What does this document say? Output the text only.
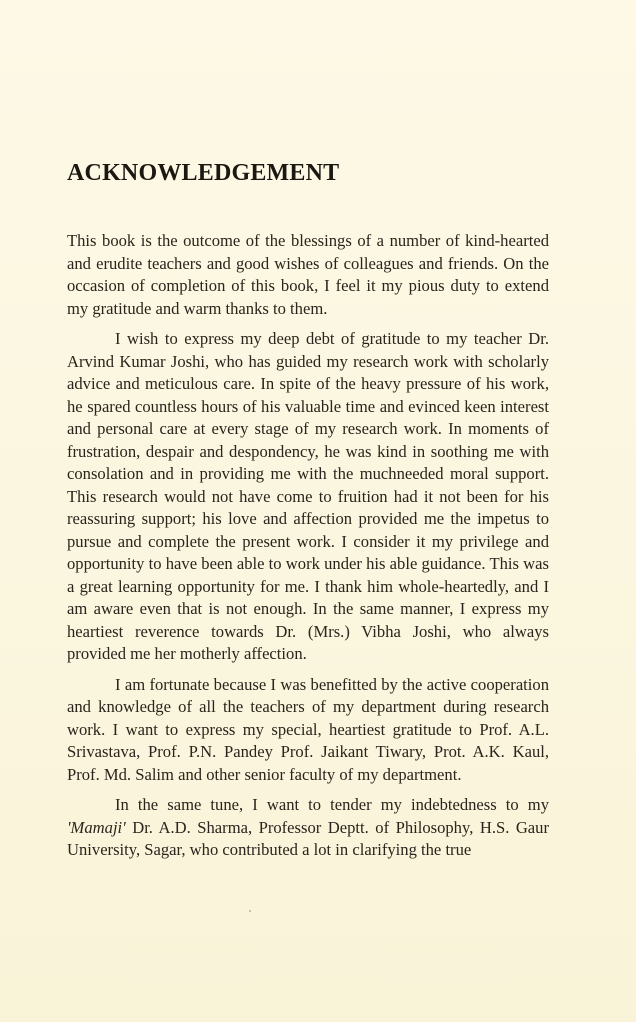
ACKNOWLEDGEMENT

This book is the outcome of the blessings of a number of kind-hearted and erudite teachers and good wishes of colleagues and friends. On the occasion of completion of this book, I feel it my pious duty to extend my gratitude and warm thanks to them.

I wish to express my deep debt of gratitude to my teacher Dr. Arvind Kumar Joshi, who has guided my research work with scholarly advice and meticulous care. In spite of the heavy pressure of his work, he spared countless hours of his valuable time and evinced keen interest and personal care at every stage of my research work. In moments of frustration, despair and despondency, he was kind in soothing me with consolation and in providing me with the muchneeded moral support. This research would not have come to fruition had it not been for his reassuring support; his love and affection provided me the impetus to pursue and complete the present work. I consider it my privilege and opportunity to have been able to work under his able guidance. This was a great learning opportunity for me. I thank him whole-heartedly, and I am aware even that is not enough. In the same manner, I express my heartiest reverence towards Dr. (Mrs.) Vibha Joshi, who always provided me her motherly affection.

I am fortunate because I was benefitted by the active cooperation and knowledge of all the teachers of my department during research work. I want to express my special, heartiest gratitude to Prof. A.L. Srivastava, Prof. P.N. Pandey Prof. Jaikant Tiwary, Prot. A.K. Kaul, Prof. Md. Salim and other senior faculty of my department.

In the same tune, I want to tender my indebtedness to my 'Mamaji' Dr. A.D. Sharma, Professor Deptt. of Philosophy, H.S. Gaur University, Sagar, who contributed a lot in clarifying the true
